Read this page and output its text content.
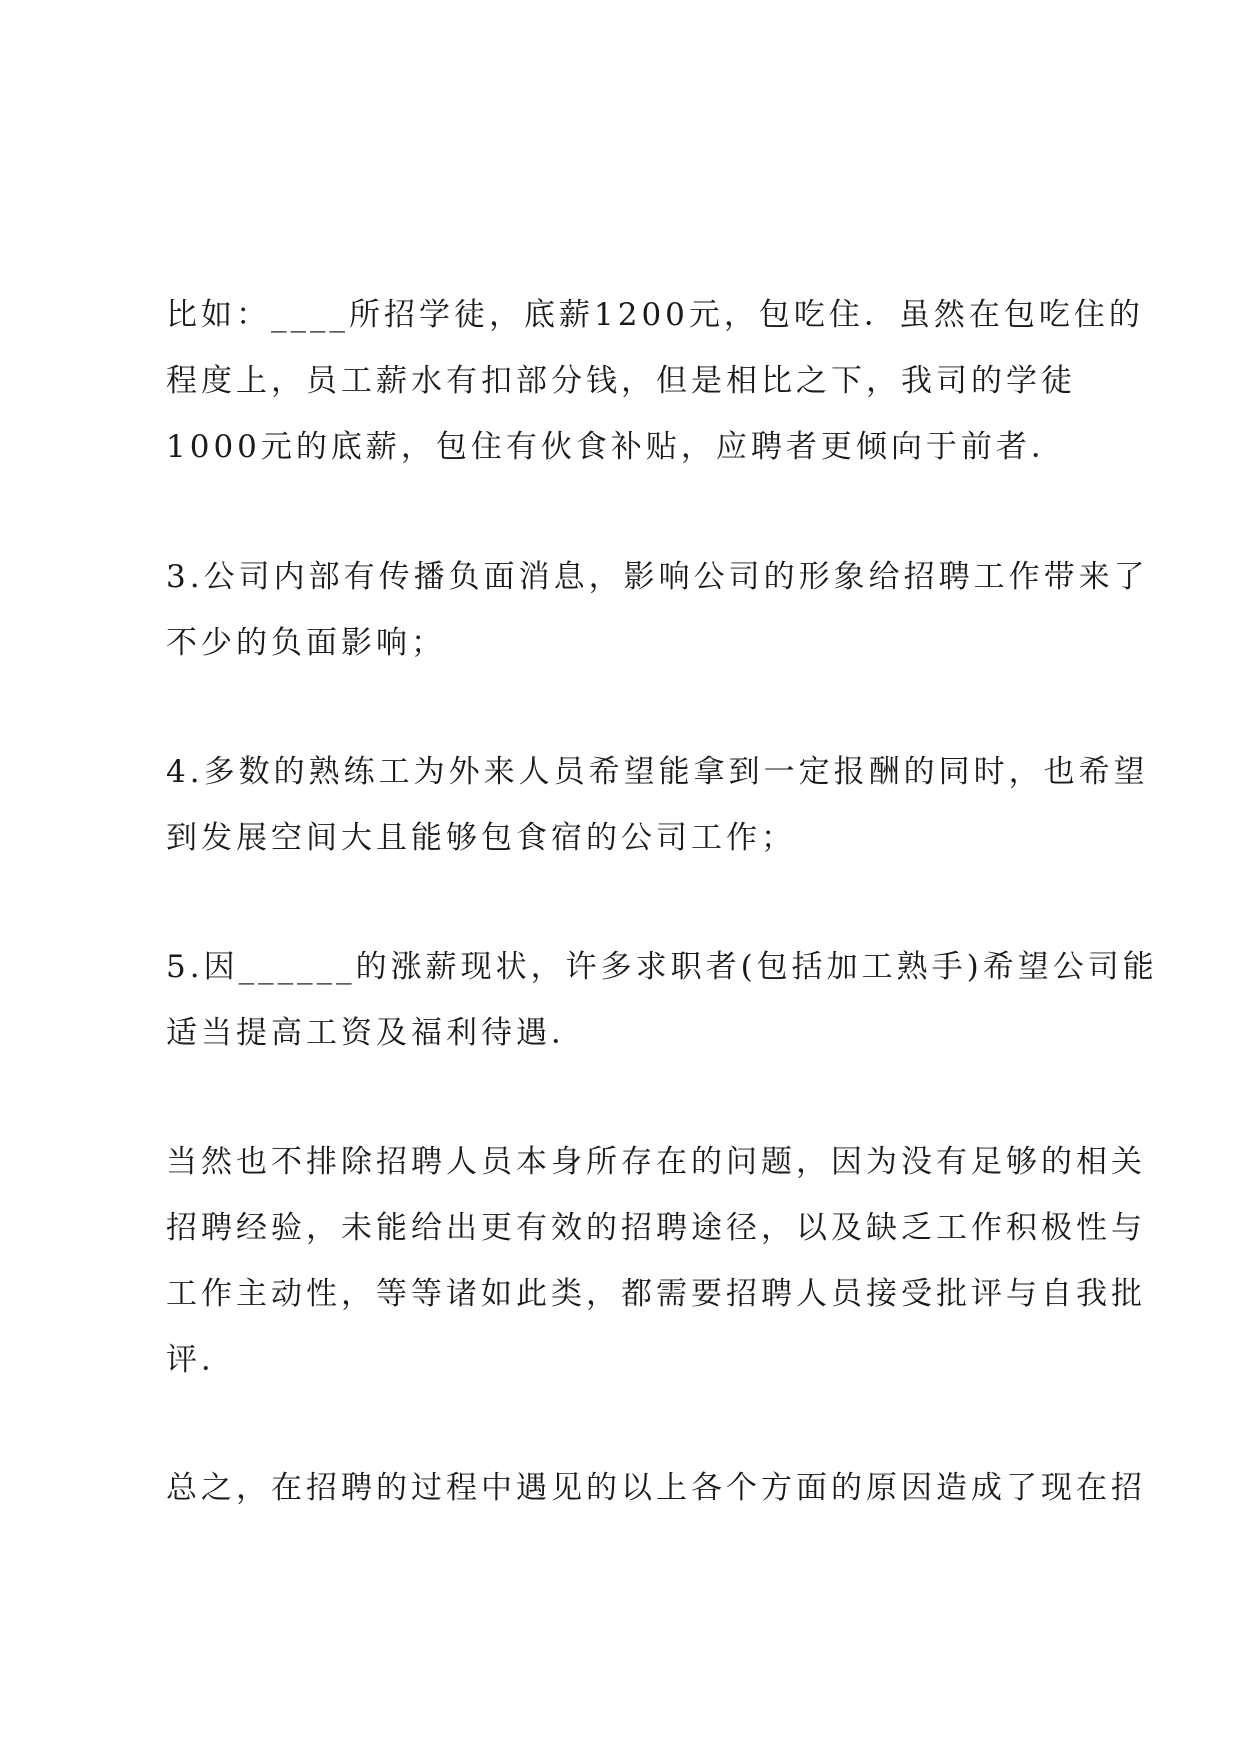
比如：____所招学徒，底薪1200元，包吃住．虽然在包吃住的
程度上，员工薪水有扣部分钱，但是相比之下，我司的学徒
1000元的底薪，包住有伙食补贴，应聘者更倾向于前者．
3.公司内部有传播负面消息，影响公司的形象给招聘工作带来了
不少的负面影响；
4.多数的熟练工为外来人员希望能拿到一定报酬的同时，也希望
到发展空间大且能够包食宿的公司工作；
5.因______的涨薪现状，许多求职者(包括加工熟手)希望公司能
适当提高工资及福利待遇．
当然也不排除招聘人员本身所存在的问题，因为没有足够的相关
招聘经验，未能给出更有效的招聘途径，以及缺乏工作积极性与
工作主动性，等等诸如此类，都需要招聘人员接受批评与自我批
评．
总之，在招聘的过程中遇见的以上各个方面的原因造成了现在招
